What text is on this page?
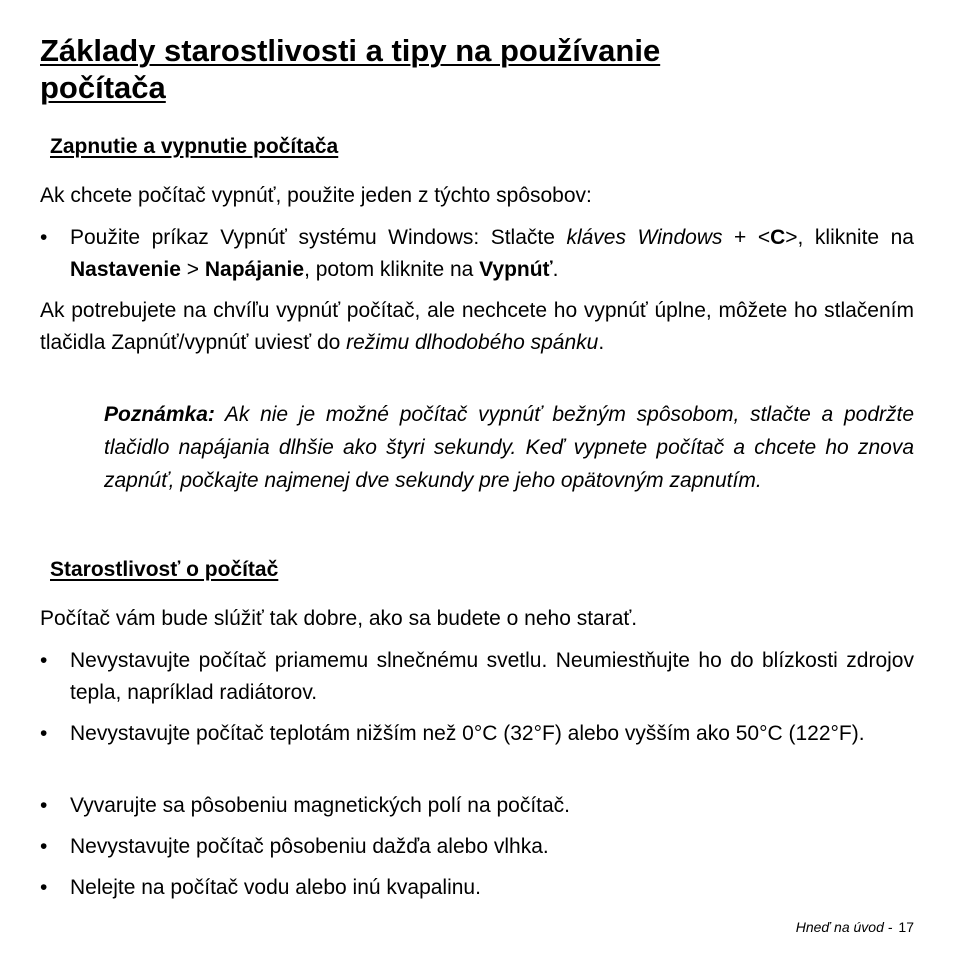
Základy starostlivosti a tipy na používanie počítača
Zapnutie a vypnutie počítača

Ak chcete počítač vypnúť, použite jeden z týchto spôsobov:

•	Použite príkaz Vypnúť systému Windows: Stlačte kláves Windows + <C>, kliknite na Nastavenie > Napájanie, potom kliknite na Vypnúť.

Ak potrebujete na chvíľu vypnúť počítač, ale nechcete ho vypnúť úplne, môžete ho stlačením tlačidla Zapnúť/vypnúť uviesť do režimu dlhodobého spánku.

Poznámka: Ak nie je možné počítač vypnúť bežným spôsobom, stlačte a podržte tlačidlo napájania dlhšie ako štyri sekundy. Keď vypnete počítač a chcete ho znova zapnúť, počkajte najmenej dve sekundy pre jeho opätovným zapnutím.

Starostlivosť o počítač

Počítač vám bude slúžiť tak dobre, ako sa budete o neho starať.

•	Nevystavujte počítač priamemu slnečnému svetlu. Neumiestňujte ho do blízkosti zdrojov tepla, napríklad radiátorov.
•	Nevystavujte počítač teplotám nižším než 0°C (32°F) alebo vyšším ako 50°C (122°F).
•	Vyvarujte sa pôsobeniu magnetických polí na počítač.
•	Nevystavujte počítač pôsobeniu dažďa alebo vlhka.
•	Nelejte na počítač vodu alebo inú kvapalinu.
Hneď na úvod - 17
